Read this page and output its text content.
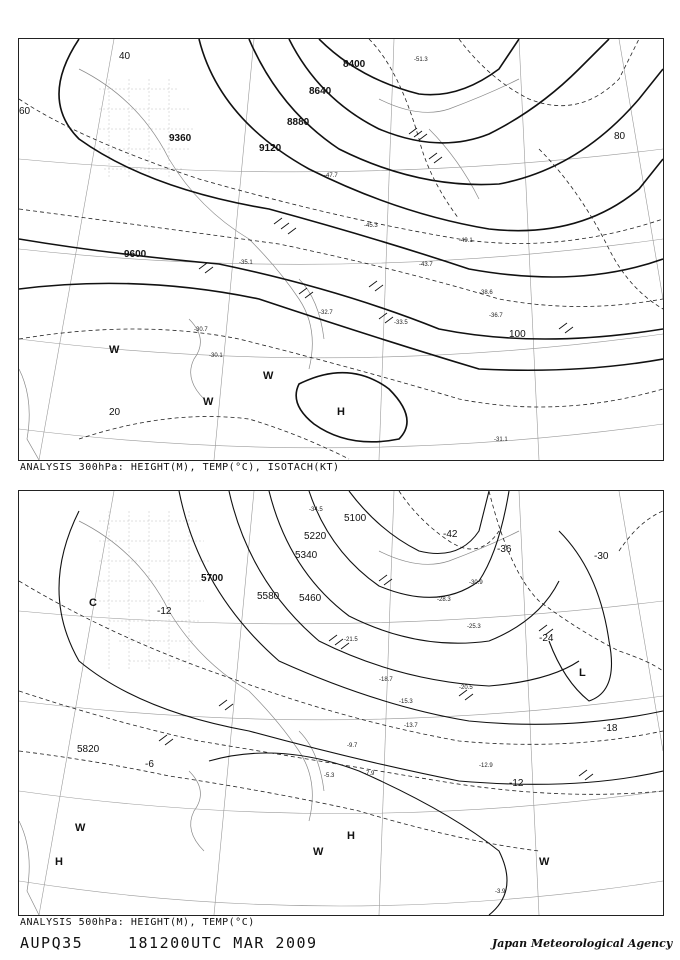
8400
8640
8880
9120
9360
9600
40
60
80
100
20	H
W
W
W
-51.3
-49.1
-47.7
-45.3
-43.7
-38.6
-36.7
-35.1
-33.5
-32.7
-31.1
-30.7
-30.1
ANALYSIS 300hPa: HEIGHT(M), TEMP(°C), ISOTACH(KT)
5100
5220
5340
5460
5580
5700
5820
-42
-36
-30
-24
-18
-12
-12
-6
C
L
H
H
W
W
W
-34.5
-30.9
-28.3
-25.3
-21.5
-20.5
-18.7
-15.3
-13.7
-12.9
-9.7
-7.9
-5.3
-3.9
ANALYSIS 500hPa: HEIGHT(M), TEMP(°C)
AUPQ35	181200UTC MAR 2009	Japan Meteorological Agency
